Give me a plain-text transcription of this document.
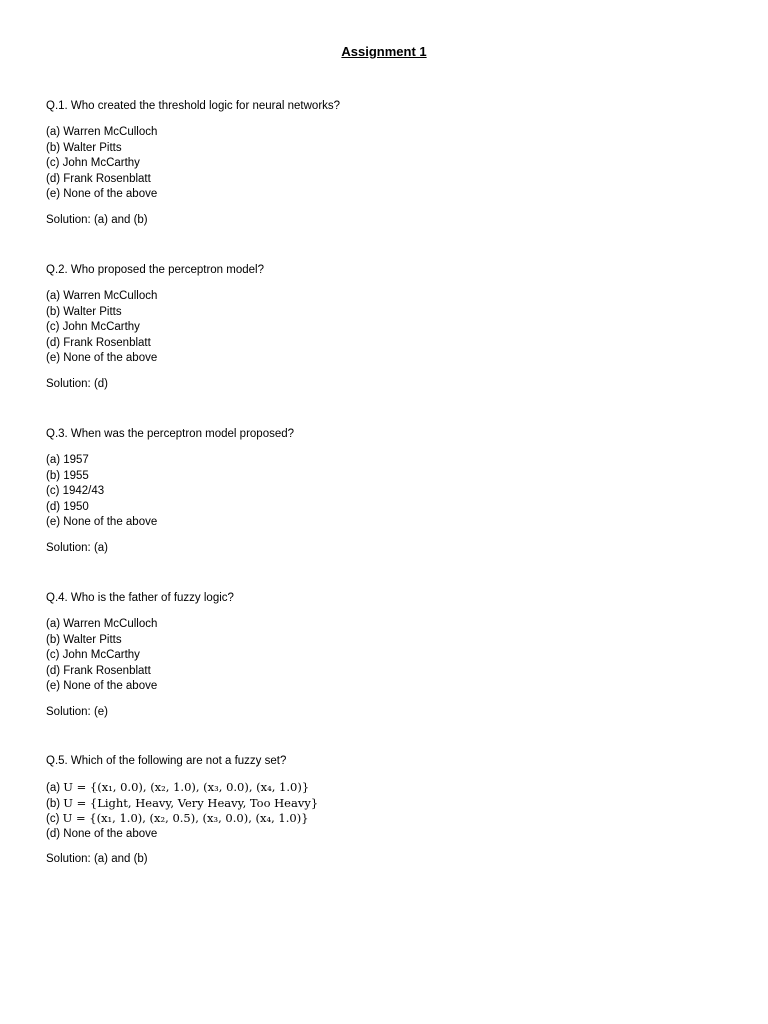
Assignment 1
Q.1. Who created the threshold logic for neural networks?
(a) Warren McCulloch
(b) Walter Pitts
(c) John McCarthy
(d) Frank Rosenblatt
(e) None of the above
Solution: (a) and (b)
Q.2. Who proposed the perceptron model?
(a) Warren McCulloch
(b) Walter Pitts
(c) John McCarthy
(d) Frank Rosenblatt
(e) None of the above
Solution: (d)
Q.3. When was the perceptron model proposed?
(a) 1957
(b) 1955
(c) 1942/43
(d) 1950
(e) None of the above
Solution: (a)
Q.4. Who is the father of fuzzy logic?
(a) Warren McCulloch
(b) Walter Pitts
(c) John McCarthy
(d) Frank Rosenblatt
(e) None of the above
Solution: (e)
Q.5. Which of the following are not a fuzzy set?
(a) U = {(x₁, 0.0), (x₂, 1.0), (x₃, 0.0), (x₄, 1.0)}
(b) U = {Light, Heavy, Very Heavy, Too Heavy}
(c) U = {(x₁, 1.0), (x₂, 0.5), (x₃, 0.0), (x₄, 1.0)}
(d) None of the above
Solution: (a) and (b)
